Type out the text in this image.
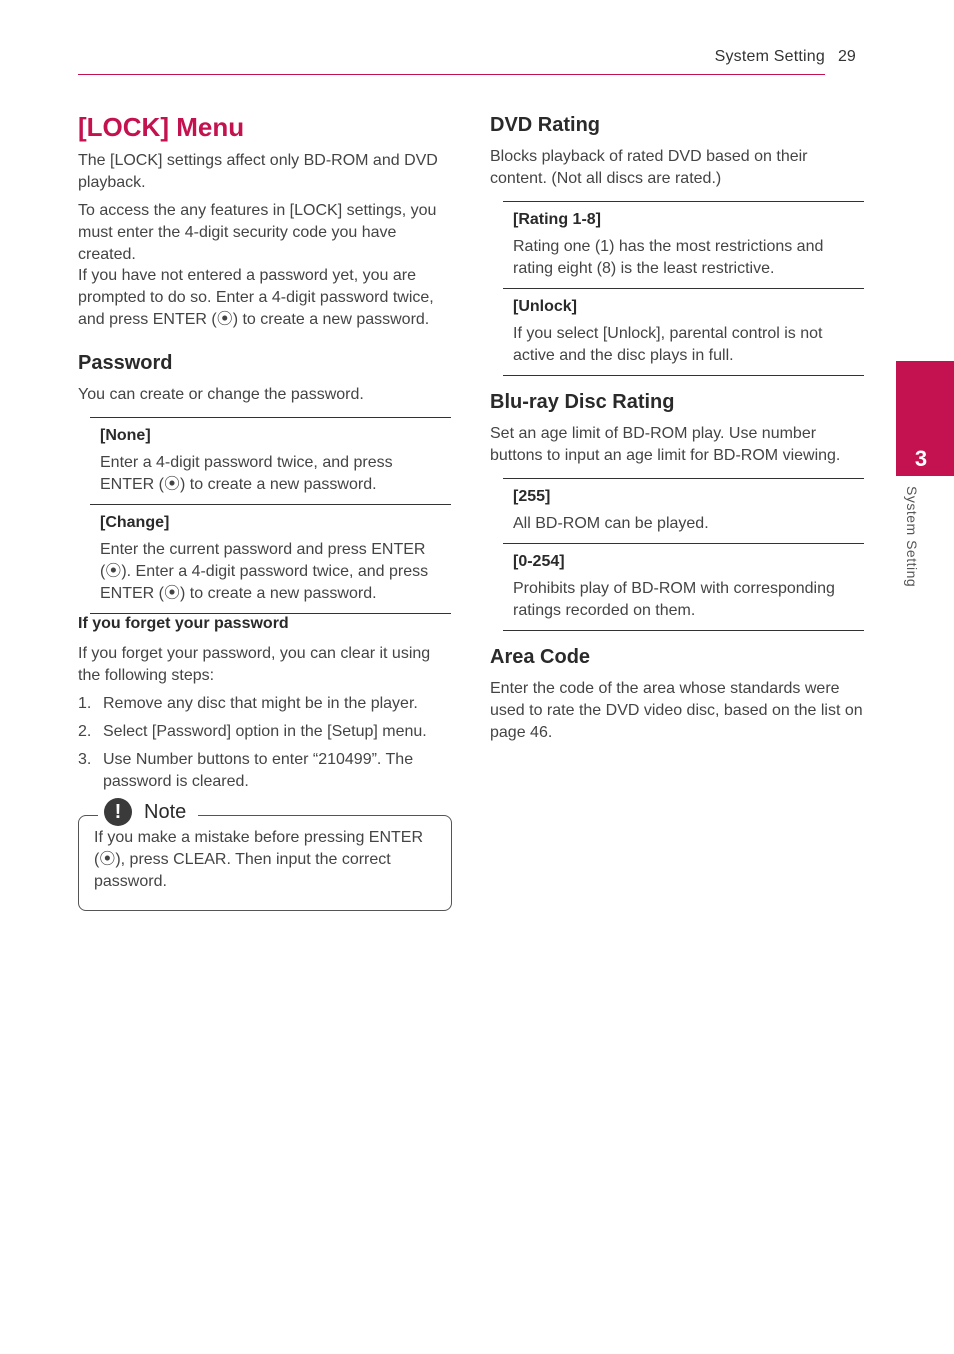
System Setting 29
3
System Setting
[LOCK] Menu

The [LOCK] settings affect only BD-ROM and DVD playback.

To access the any features in [LOCK] settings, you must enter the 4-digit security code you have created.

If you have not entered a password yet, you are prompted to do so. Enter a 4-digit password twice, and press ENTER (⦿) to create a new password.

Password

You can create or change the password.

[None]
Enter a 4-digit password twice, and press ENTER (⦿) to create a new password.
[Change]
Enter the current password and press ENTER (⦿). Enter a 4-digit password twice, and press ENTER (⦿) to create a new password.
If you forget your password

If you forget your password, you can clear it using the following steps:

1. Remove any disc that might be in the player.
2. Select [Password] option in the [Setup] menu.
3. Use Number buttons to enter “210499”. The password is cleared.
!	Note
If you make a mistake before pressing ENTER (⦿), press CLEAR. Then input the correct password.
DVD Rating

Blocks playback of rated DVD based on their content. (Not all discs are rated.)

[Rating 1-8]
Rating one (1) has the most restrictions and rating eight (8) is the least restrictive.
[Unlock]
If you select [Unlock], parental control is not active and the disc plays in full.
Blu-ray Disc Rating

Set an age limit of BD-ROM play. Use number buttons to input an age limit for BD-ROM viewing.

[255]
All BD-ROM can be played.
[0-254]
Prohibits play of BD-ROM with corresponding ratings recorded on them.
Area Code

Enter the code of the area whose standards were used to rate the DVD video disc, based on the list on page 46.
